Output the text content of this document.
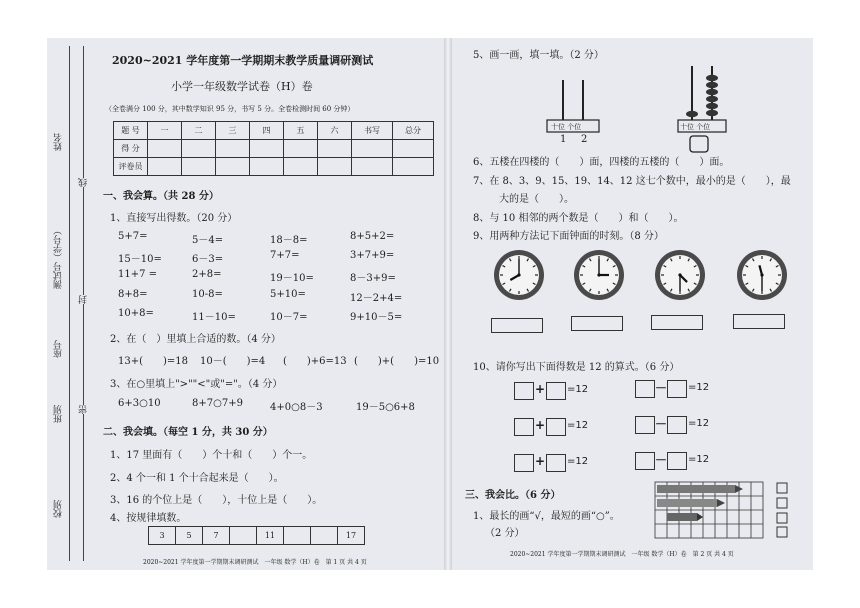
姓名
测试号（学号）
座号
班别
校别
线
封
密
2020~2021 学年度第一学期期末教学质量调研测试
小学一年级数学试卷（H）卷
（全卷满分 100 分，其中数学知识 95 分，书写 5 分。全卷检测时间 60 分钟）
题 号	一	二	三	四	五	六	书写	总分
得 分								
评卷员								
一、我会算。（共 28 分）
1、直接写出得数。（20 分）
5+7=	5－4=	18－8=	8+5+2=
15－10=	6－3=	7+7=	3+7+9=
11+7 =	2+8=	19－10=	8－3+9=
8+8=	10-8=	5+10=	12－2+4=
10+8=	11－10=	10－7=	9+10－5=
2、在（　）里填上合适的数。（4 分）
13+(　　)=18 10－(　　)=4 (　　)+6=13 (　　)+(　　)=10
3、在○里填上">""<"或"="。（4 分）
6+3○10	8+7○7+9	4+0○8－3	19－5○6+8
二、我会填。（每空 1 分，共 30 分）
1、17 里面有（　　）个十和（　　）个一。
2、4 个一和 1 个十合起来是（　　）。
3、16 的个位上是（　　），十位上是（　　）。
4、按规律填数。
3	5	7		11			17
2020~2021 学年度第一学期期末调研测试　一年级 数学（H）卷　第 1 页 共 4 页
5、画一画，填一填。（2 分）
十位 个位
1 2
十位 个位
6、五楼在四楼的（　　）面，四楼的五楼的（　　）面。
7、在 8、3、9、15、19、14、12 这七个数中，最小的是（　　），最
大的是（　　）。
8、与 10 相邻的两个数是（　　）和（　　）。
9、用两种方法记下面钟面的时刻。（8 分）
10、请你写出下面得数是 12 的算式。（6 分）
+ =12
+ =12
+ =12
－ =12
－ =12
－ =12
三、我会比。（6 分）
1、最长的画“√，最短的画“○”。
（2 分）
2020~2021 学年度第一学期期末调研测试　一年级 数学（H）卷　第 2 页 共 4 页
